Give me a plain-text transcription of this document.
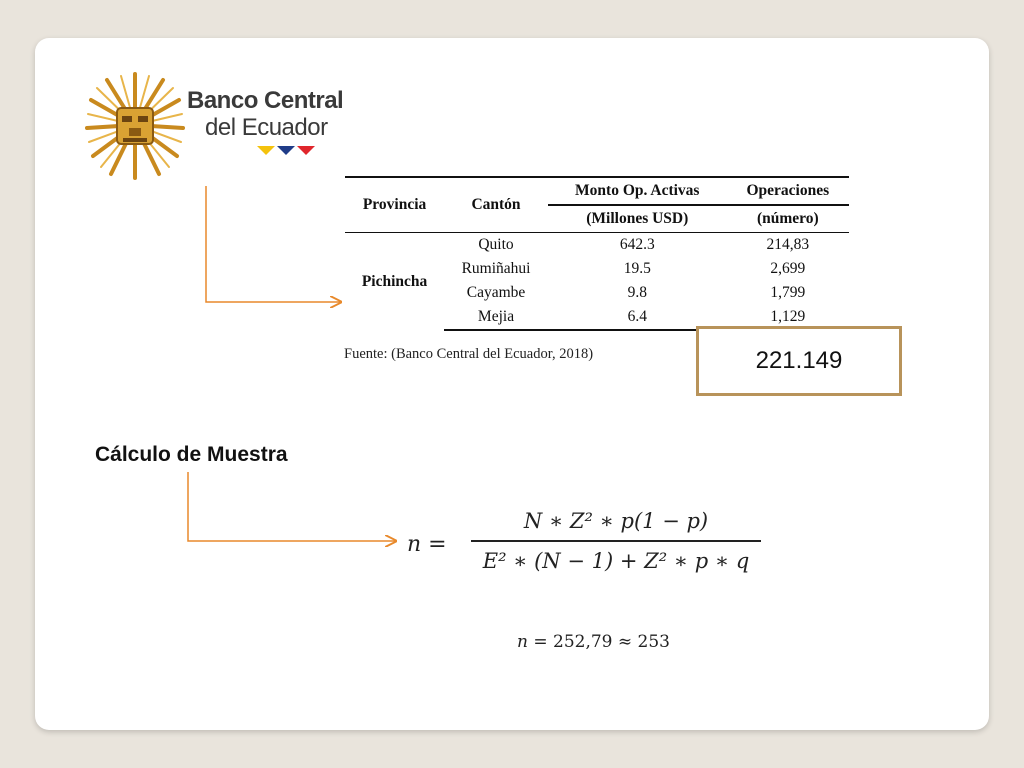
Banco Central
del Ecuador
Provincia	Cantón	Monto Op. Activas	Operaciones
		(Millones USD)	(número)
Pichincha	Quito	642.3	214,83
	Rumiñahui	19.5	2,699
	Cayambe	9.8	1,799
	Mejia	6.4	1,129
Fuente: (Banco Central del Ecuador, 2018)	221.149
Cálculo de Muestra
n =
N ∗ Z² ∗ p(1 − p)
E² ∗ (N − 1) + Z² ∗ p ∗ q
n = 252,79 ≈ 253
